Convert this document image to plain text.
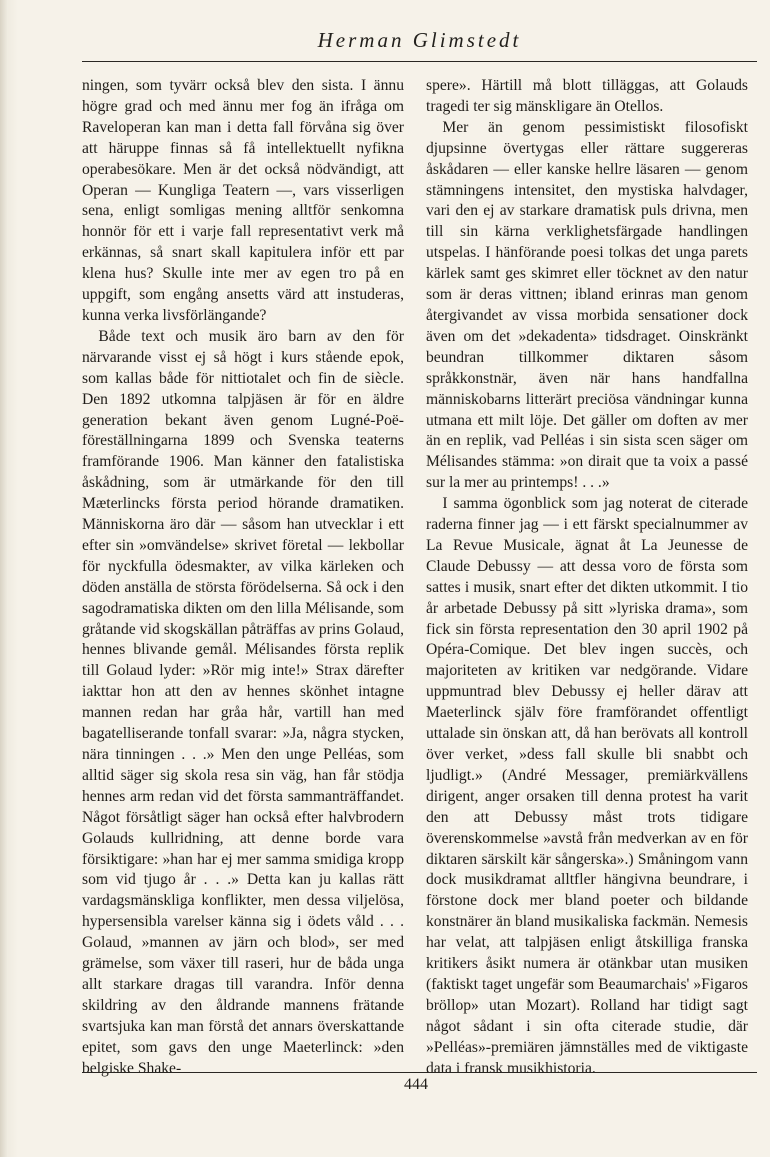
Herman Glimstedt

ningen, som tyvärr också blev den sista. I ännu högre grad och med ännu mer fog än ifråga om Raveloperan kan man i detta fall förvåna sig över att häruppe finnas så få intellektuellt nyfikna operabesökare. Men är det också nödvändigt, att Operan — Kungliga Teatern —, vars visserligen sena, enligt somligas mening alltför senkomna honnör för ett i varje fall representativt verk må erkännas, så snart skall kapitulera inför ett par klena hus? Skulle inte mer av egen tro på en uppgift, som engång ansetts värd att instuderas, kunna verka livsförlängande?

Både text och musik äro barn av den för närvarande visst ej så högt i kurs stående epok, som kallas både för nittiotalet och fin de siècle. Den 1892 utkomna talpjäsen är för en äldre generation bekant även genom Lugné-Poë-föreställningarna 1899 och Svenska teaterns framförande 1906. Man känner den fatalistiska åskådning, som är utmärkande för den till Mæterlincks första period hörande dramatiken. Människorna äro där — såsom han utvecklar i ett efter sin »omvändelse» skrivet företal — lekbollar för nyckfulla ödesmakter, av vilka kärleken och döden anställa de största förödelserna. Så ock i den sagodramatiska dikten om den lilla Mélisande, som gråtande vid skogskällan påträffas av prins Golaud, hennes blivande gemål. Mélisandes första replik till Golaud lyder: »Rör mig inte!» Strax därefter iakttar hon att den av hennes skönhet intagne mannen redan har gråa hår, vartill han med bagatelliserande tonfall svarar: »Ja, några stycken, nära tinningen . . .» Men den unge Pelléas, som alltid säger sig skola resa sin väg, han får stödja hennes arm redan vid det första sammanträffandet. Något försåtligt säger han också efter halvbrodern Golauds kullridning, att denne borde vara försiktigare: »han har ej mer samma smidiga kropp som vid tjugo år . . .» Detta kan ju kallas rätt vardagsmänskliga konflikter, men dessa viljelösa, hypersensibla varelser känna sig i ödets våld . . . Golaud, »mannen av järn och blod», ser med grämelse, som växer till raseri, hur de båda unga allt starkare dragas till varandra. Inför denna skildring av den åldrande mannens frätande svartsjuka kan man förstå det annars överskattande epitet, som gavs den unge Maeterlinck: »den belgiske Shake-

spere». Härtill må blott tilläggas, att Golauds tragedi ter sig mänskligare än Otellos.

Mer än genom pessimistiskt filosofiskt djupsinne övertygas eller rättare suggereras åskådaren — eller kanske hellre läsaren — genom stämningens intensitet, den mystiska halvdager, vari den ej av starkare dramatisk puls drivna, men till sin kärna verklighetsfärgade handlingen utspelas. I hänförande poesi tolkas det unga parets kärlek samt ges skimret eller töcknet av den natur som är deras vittnen; ibland erinras man genom återgivandet av vissa morbida sensationer dock även om det »dekadenta» tidsdraget. Oinskränkt beundran tillkommer diktaren såsom språkkonstnär, även när hans handfallna människobarns litterärt preciösa vändningar kunna utmana ett milt löje. Det gäller om doften av mer än en replik, vad Pelléas i sin sista scen säger om Mélisandes stämma: »on dirait que ta voix a passé sur la mer au printemps! . . .»

I samma ögonblick som jag noterat de citerade raderna finner jag — i ett färskt specialnummer av La Revue Musicale, ägnat åt La Jeunesse de Claude Debussy — att dessa voro de första som sattes i musik, snart efter det dikten utkommit. I tio år arbetade Debussy på sitt »lyriska drama», som fick sin första representation den 30 april 1902 på Opéra-Comique. Det blev ingen succès, och majoriteten av kritiken var nedgörande. Vidare uppmuntrad blev Debussy ej heller därav att Maeterlinck själv före framförandet offentligt uttalade sin önskan att, då han berövats all kontroll över verket, »dess fall skulle bli snabbt och ljudligt.» (André Messager, premiärkvällens dirigent, anger orsaken till denna protest ha varit den att Debussy måst trots tidigare överenskommelse »avstå från medverkan av en för diktaren särskilt kär sångerska».) Småningom vann dock musikdramat alltfler hängivna beundrare, i förstone dock mer bland poeter och bildande konstnärer än bland musikaliska fackmän. Nemesis har velat, att talpjäsen enligt åtskilliga franska kritikers åsikt numera är otänkbar utan musiken (faktiskt taget ungefär som Beaumarchais' »Figaros bröllop» utan Mozart). Rolland har tidigt sagt något sådant i sin ofta citerade studie, där »Pelléas»-premiären jämnställes med de viktigaste data i fransk musikhistoria.

444
